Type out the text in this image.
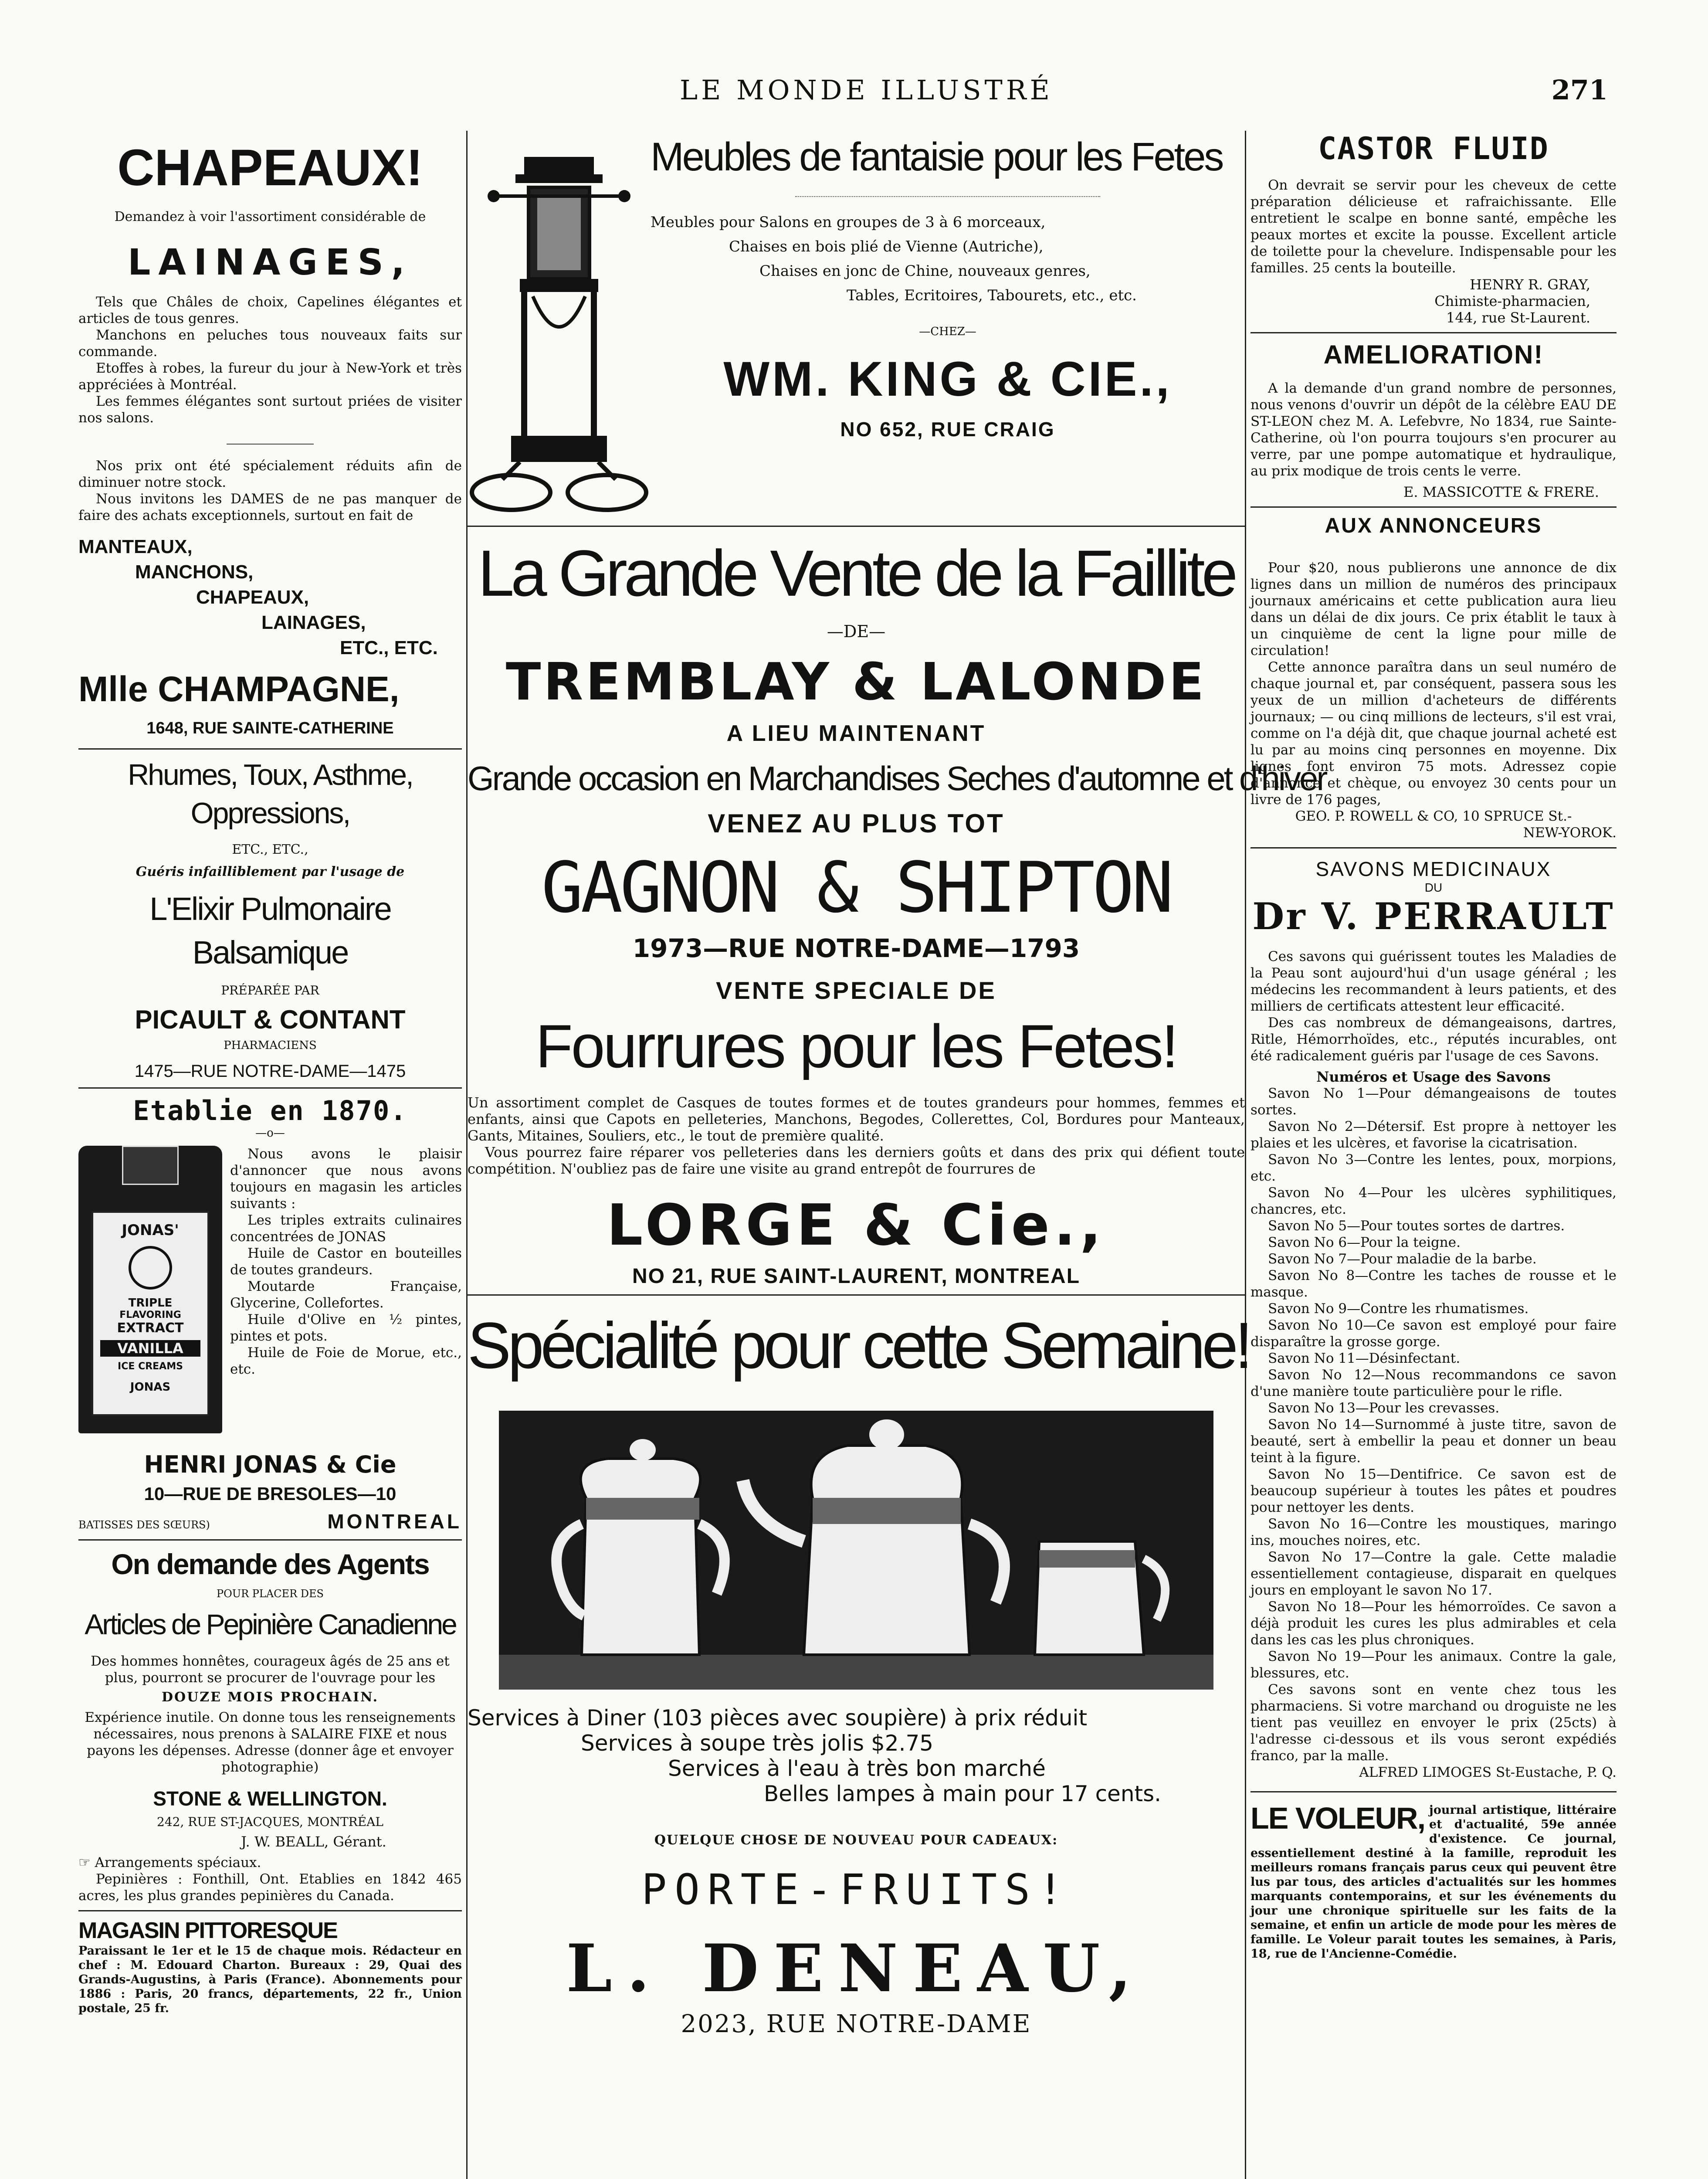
LE MONDE ILLUSTRÉ	271
CHAPEAUX!
Demandez à voir l'assortiment considérable de
LAINAGES,
Tels que Châles de choix, Capelines élégantes et articles de tous genres.
Manchons en peluches tous nouveaux faits sur commande.
Etoffes à robes, la fureur du jour à New-York et très appréciées à Montréal.
Les femmes élégantes sont surtout priées de visiter nos salons.
Nos prix ont été spécialement réduits afin de diminuer notre stock.
Nous invitons les DAMES de ne pas manquer de faire des achats exceptionnels, surtout en fait de
MANTEAUX,
MANCHONS,
CHAPEAUX,
LAINAGES,
ETC., ETC.
Mlle CHAMPAGNE,
1648, RUE SAINTE-CATHERINE
Rhumes, Toux, Asthme, Oppressions,
ETC., ETC.,
Guéris infailliblement par l'usage de
L'Elixir Pulmonaire Balsamique
PRÉPARÉE PAR
PICAULT & CONTANT
PHARMACIENS
1475—RUE NOTRE-DAME—1475
Etablie en 1870.
—o—
JONAS'
TRIPLE
FLAVORING
EXTRACT
VANILLA
ICE CREAMS
JONAS
Nous avons le plaisir d'annoncer que nous avons toujours en magasin les articles suivants :
Les triples extraits culinaires concentrées de JONAS
Huile de Castor en bouteilles de toutes grandeurs.
Moutarde Française, Glycerine, Collefortes.
Huile d'Olive en ½ pintes, pintes et pots.
Huile de Foie de Morue, etc., etc.
HENRI JONAS & Cie
10—RUE DE BRESOLES—10
BATISSES DES SŒURS)	MONTREAL
On demande des Agents
POUR PLACER DES
Articles de Pepinière Canadienne
Des hommes honnêtes, courageux âgés de 25 ans et plus, pourront se procurer de l'ouvrage pour les
DOUZE MOIS PROCHAIN.
Expérience inutile. On donne tous les renseignements nécessaires, nous prenons à SALAIRE FIXE et nous payons les dépenses. Adresse (donner âge et envoyer photographie)
STONE & WELLINGTON.
242, RUE ST-JACQUES, MONTRÉAL
J. W. BEALL, Gérant.
☞ Arrangements spéciaux.
Pepinières : Fonthill, Ont. Etablies en 1842 465 acres, les plus grandes pepinières du Canada.
MAGASIN PITTORESQUE
Paraissant le 1er et le 15 de chaque mois. Rédacteur en chef : M. Edouard Charton. Bureaux : 29, Quai des Grands-Augustins, à Paris (France). Abonnements pour 1886 : Paris, 20 francs, départements, 22 fr., Union postale, 25 fr.
Meubles de fantaisie pour les Fetes
Meubles pour Salons en groupes de 3 à 6 morceaux,
Chaises en bois plié de Vienne (Autriche),
Chaises en jonc de Chine, nouveaux genres,
Tables, Ecritoires, Tabourets, etc., etc.
—CHEZ—
WM. KING & CIE.,
NO 652, RUE CRAIG
La Grande Vente de la Faillite
—DE—
TREMBLAY & LALONDE
A LIEU MAINTENANT
Grande occasion en Marchandises Seches d'automne et d'hiver
VENEZ AU PLUS TOT
GAGNON & SHIPTON
1973—RUE NOTRE-DAME—1793
VENTE SPECIALE DE
Fourrures pour les Fetes!
Un assortiment complet de Casques de toutes formes et de toutes grandeurs pour hommes, femmes et enfants, ainsi que Capots en pelleteries, Manchons, Begodes, Collerettes, Col, Bordures pour Manteaux, Gants, Mitaines, Souliers, etc., le tout de première qualité.
Vous pourrez faire réparer vos pelleteries dans les derniers goûts et dans des prix qui défient toute compétition. N'oubliez pas de faire une visite au grand entrepôt de fourrures de
LORGE & Cie.,
NO 21, RUE SAINT-LAURENT, MONTREAL
Spécialité pour cette Semaine!
Services à Diner (103 pièces avec soupière) à prix réduit
Services à soupe très jolis $2.75
Services à l'eau à très bon marché
Belles lampes à main pour 17 cents.
QUELQUE CHOSE DE NOUVEAU POUR CADEAUX:
PORTE-FRUITS!
L. DENEAU,
2023, RUE NOTRE-DAME
CASTOR FLUID
On devrait se servir pour les cheveux de cette préparation délicieuse et rafraichissante. Elle entretient le scalpe en bonne santé, empêche les peaux mortes et excite la pousse. Excellent article de toilette pour la chevelure. Indispensable pour les familles. 25 cents la bouteille.
HENRY R. GRAY,
Chimiste-pharmacien,
144, rue St-Laurent.
AMELIORATION!
A la demande d'un grand nombre de personnes, nous venons d'ouvrir un dépôt de la célèbre EAU DE ST-LEON chez M. A. Lefebvre, No 1834, rue Sainte-Catherine, où l'on pourra toujours s'en procurer au verre, par une pompe automatique et hydraulique, au prix modique de trois cents le verre.
E. MASSICOTTE & FRERE.
AUX ANNONCEURS
Pour $20, nous publierons une annonce de dix lignes dans un million de numéros des principaux journaux américains et cette publication aura lieu dans un délai de dix jours. Ce prix établit le taux à un cinquième de cent la ligne pour mille de circulation!
Cette annonce paraîtra dans un seul numéro de chaque journal et, par conséquent, passera sous les yeux de un million d'acheteurs de différents journaux; — ou cinq millions de lecteurs, s'il est vrai, comme on l'a déjà dit, que chaque journal acheté est lu par au moins cinq personnes en moyenne. Dix lignes font environ 75 mots. Adressez copie d'annonce et chèque, ou envoyez 30 cents pour un livre de 176 pages,
GEO. P. ROWELL & CO, 10 SPRUCE St.-
NEW-YOROK.
SAVONS MEDICINAUX
DU
Dr V. PERRAULT
Ces savons qui guérissent toutes les Maladies de la Peau sont aujourd'hui d'un usage général ; les médecins les recommandent à leurs patients, et des milliers de certificats attestent leur efficacité.
Des cas nombreux de démangeaisons, dartres, Ritle, Hémorrhoïdes, etc., réputés incurables, ont été radicalement guéris par l'usage de ces Savons.
Numéros et Usage des Savons
Savon No 1—Pour démangeaisons de toutes sortes.
Savon No 2—Détersif. Est propre à nettoyer les plaies et les ulcères, et favorise la cicatrisation.
Savon No 3—Contre les lentes, poux, morpions, etc.
Savon No 4—Pour les ulcères syphilitiques, chancres, etc.
Savon No 5—Pour toutes sortes de dartres.
Savon No 6—Pour la teigne.
Savon No 7—Pour maladie de la barbe.
Savon No 8—Contre les taches de rousse et le masque.
Savon No 9—Contre les rhumatismes.
Savon No 10—Ce savon est employé pour faire disparaître la grosse gorge.
Savon No 11—Désinfectant.
Savon No 12—Nous recommandons ce savon d'une manière toute particulière pour le rifle.
Savon No 13—Pour les crevasses.
Savon No 14—Surnommé à juste titre, savon de beauté, sert à embellir la peau et donner un beau teint à la figure.
Savon No 15—Dentifrice. Ce savon est de beaucoup supérieur à toutes les pâtes et poudres pour nettoyer les dents.
Savon No 16—Contre les moustiques, maringo ins, mouches noires, etc.
Savon No 17—Contre la gale. Cette maladie essentiellement contagieuse, disparait en quelques jours en employant le savon No 17.
Savon No 18—Pour les hémorroïdes. Ce savon a déjà produit les cures les plus admirables et cela dans les cas les plus chroniques.
Savon No 19—Pour les animaux. Contre la gale, blessures, etc.
Ces savons sont en vente chez tous les pharmaciens. Si votre marchand ou droguiste ne les tient pas veuillez en envoyer le prix (25cts) à l'adresse ci-dessous et ils vous seront expédiés franco, par la malle.
ALFRED LIMOGES St-Eustache, P. Q.
LE VOLEUR, journal artistique, littéraire et d'actualité, 59e année d'existence. Ce journal, essentiellement destiné à la famille, reproduit les meilleurs romans français parus ceux qui peuvent être lus par tous, des articles d'actualités sur les hommes marquants contemporains, et sur les événements du jour une chronique spirituelle sur les faits de la semaine, et enfin un article de mode pour les mères de famille. Le Voleur parait toutes les semaines, à Paris, 18, rue de l'Ancienne-Comédie.
